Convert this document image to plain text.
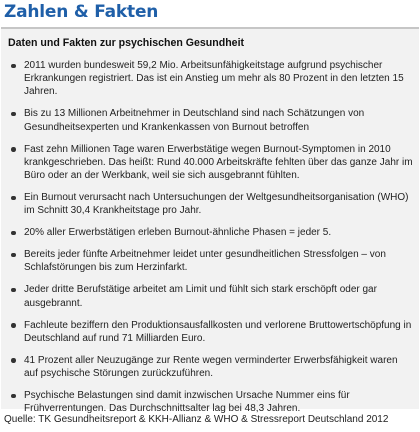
Zahlen & Fakten
Daten und Fakten zur psychischen Gesundheit
2011 wurden bundesweit 59,2 Mio. Arbeitsunfähigkeitstage aufgrund psychischer Erkrankungen registriert. Das ist ein Anstieg um mehr als 80 Prozent in den letzten 15 Jahren.
Bis zu 13 Millionen Arbeitnehmer in Deutschland sind nach Schätzungen von Gesundheitsexperten und Krankenkassen von Burnout betroffen
Fast zehn Millionen Tage waren Erwerbstätige wegen Burnout-Symptomen in 2010 krankgeschrieben. Das heißt: Rund 40.000 Arbeitskräfte fehlten über das ganze Jahr im Büro oder an der Werkbank, weil sie sich ausgebrannt fühlten.
Ein Burnout verursacht nach Untersuchungen der Weltgesundheitsorganisation (WHO) im Schnitt 30,4 Krankheitstage pro Jahr.
20% aller Erwerbstätigen erleben Burnout-ähnliche Phasen = jeder 5.
Bereits jeder fünfte Arbeitnehmer leidet unter gesundheitlichen Stressfolgen – von Schlafstörungen bis zum Herzinfarkt.
Jeder dritte Berufstätige arbeitet am Limit und fühlt sich stark erschöpft oder gar ausgebrannt.
Fachleute beziffern den Produktionsausfallkosten und verlorene Bruttowertschöpfung in Deutschland auf rund 71 Milliarden Euro.
41 Prozent aller Neuzugänge zur Rente wegen verminderter Erwerbsfähigkeit waren auf psychische Störungen zurückzuführen.
Psychische Belastungen sind damit inzwischen Ursache Nummer eins für Frühverrentungen. Das Durchschnittsalter lag bei 48,3 Jahren.
Quelle: TK Gesundheitsreport & KKH-Allianz & WHO & Stressreport Deutschland 2012
